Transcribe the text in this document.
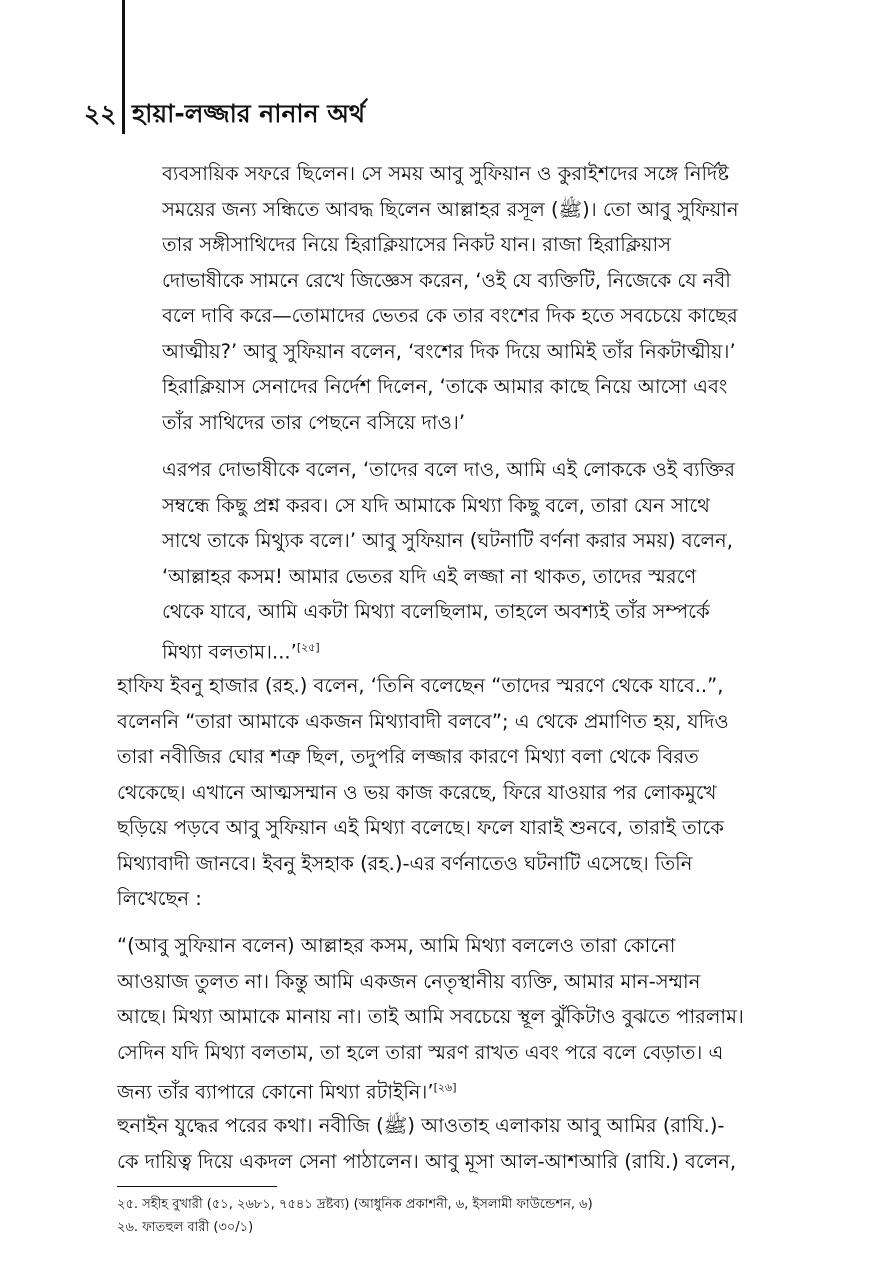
২২ হায়া-লজ্জার নানান অর্থ
ব্যবসায়িক সফরে ছিলেন। সে সময় আবু সুফিয়ান ও কুরাইশদের সঙ্গে নির্দিষ্ট
সময়ের জন্য সন্ধিতে আবদ্ধ ছিলেন আল্লাহর রসূল (ﷺ)। তো আবু সুফিয়ান
তার সঙ্গীসাথিদের নিয়ে হিরাক্লিয়াসের নিকট যান। রাজা হিরাক্লিয়াস
দোভাষীকে সামনে রেখে জিজ্ঞেস করেন, ‘ওই যে ব্যক্তিটি, নিজেকে যে নবী
বলে দাবি করে—তোমাদের ভেতর কে তার বংশের দিক হতে সবচেয়ে কাছের
আত্মীয়?’ আবু সুফিয়ান বলেন, ‘বংশের দিক দিয়ে আমিই তাঁর নিকটাত্মীয়।’
হিরাক্লিয়াস সেনাদের নির্দেশ দিলেন, ‘তাকে আমার কাছে নিয়ে আসো এবং
তাঁর সাথিদের তার পেছনে বসিয়ে দাও।’
এরপর দোভাষীকে বলেন, ‘তাদের বলে দাও, আমি এই লোককে ওই ব্যক্তির
সম্বন্ধে কিছু প্রশ্ন করব। সে যদি আমাকে মিথ্যা কিছু বলে, তারা যেন সাথে
সাথে তাকে মিথ্যুক বলে।’ আবু সুফিয়ান (ঘটনাটি বর্ণনা করার সময়) বলেন,
‘আল্লাহর কসম! আমার ভেতর যদি এই লজ্জা না থাকত, তাদের স্মরণে
থেকে যাবে, আমি একটা মিথ্যা বলেছিলাম, তাহলে অবশ্যই তাঁর সম্পর্কে
মিথ্যা বলতাম।...’[২৫]
হাফিয ইবনু হাজার (রহ.) বলেন, ‘তিনি বলেছেন “তাদের স্মরণে থেকে যাবে..”,
বলেননি “তারা আমাকে একজন মিথ্যাবাদী বলবে”; এ থেকে প্রমাণিত হয়, যদিও
তারা নবীজির ঘোর শত্রু ছিল, তদুপরি লজ্জার কারণে মিথ্যা বলা থেকে বিরত
থেকেছে। এখানে আত্মসম্মান ও ভয় কাজ করেছে, ফিরে যাওয়ার পর লোকমুখে
ছড়িয়ে পড়বে আবু সুফিয়ান এই মিথ্যা বলেছে। ফলে যারাই শুনবে, তারাই তাকে
মিথ্যাবাদী জানবে। ইবনু ইসহাক (রহ.)-এর বর্ণনাতেও ঘটনাটি এসেছে। তিনি
লিখেছেন :
“(আবু সুফিয়ান বলেন) আল্লাহর কসম, আমি মিথ্যা বললেও তারা কোনো
আওয়াজ তুলত না। কিন্তু আমি একজন নেতৃস্থানীয় ব্যক্তি, আমার মান-সম্মান
আছে। মিথ্যা আমাকে মানায় না। তাই আমি সবচেয়ে স্থূল ঝুঁকিটাও বুঝতে পারলাম।
সেদিন যদি মিথ্যা বলতাম, তা হলে তারা স্মরণ রাখত এবং পরে বলে বেড়াত। এ
জন্য তাঁর ব্যাপারে কোনো মিথ্যা রটাইনি।’[২৬]
হুনাইন যুদ্ধের পরের কথা। নবীজি (ﷺ) আওতাহ এলাকায় আবু আমির (রাযি.)-
কে দায়িত্ব দিয়ে একদল সেনা পাঠালেন। আবু মূসা আল-আশআরি (রাযি.) বলেন,
২৫. সহীহ বুখারী (৫১, ২৬৮১, ৭৫৪১ দ্রষ্টব্য) (আধুনিক প্রকাশনী, ৬, ইসলামী ফাউন্ডেশন, ৬)
২৬. ফাতহুল বারী (৩০/১)
